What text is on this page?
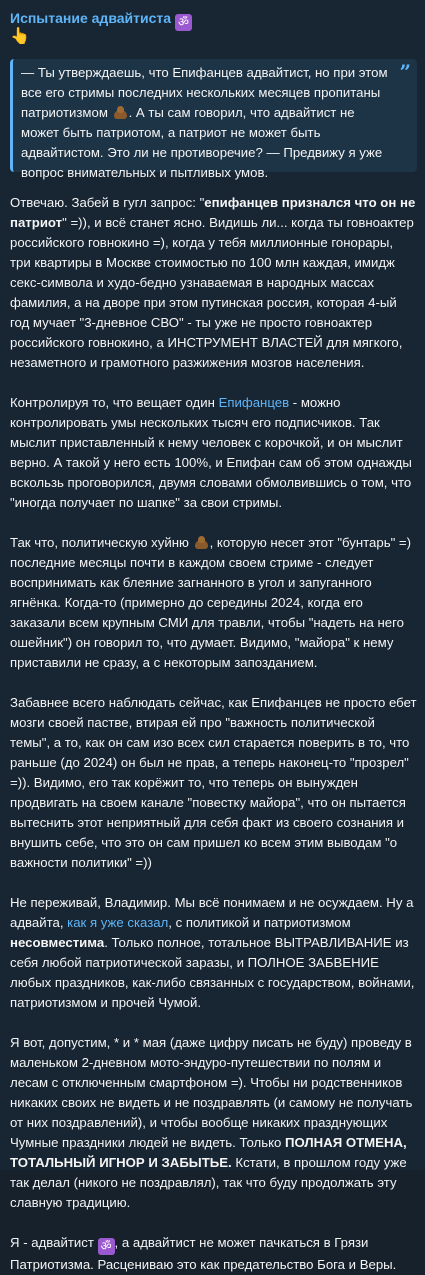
Испытание адвайтиста ॐ
👆
”
— Ты утверждаешь, что Епифанцев адвайтист, но при этом все его стримы последних нескольких месяцев пропитаны патриотизмом . А ты сам говорил, что адвайтист не может быть патриотом, а патриот не может быть адвайтистом. Это ли не противоречие? — Предвижу я уже вопрос внимательных и пытливых умов.

Отвечаю. Забей в гугл запрос: "епифанцев признался что он не патриот" =)), и всё станет ясно. Видишь ли... когда ты говноактер российского говнокино =), когда у тебя миллионные гонорары, три квартиры в Москве стоимостью по 100 млн каждая, имидж секс-символа и худо-бедно узнаваемая в народных массах фамилия, а на дворе при этом путинская россия, которая 4-ый год мучает "3-дневное СВО" - ты уже не просто говноактер российского говнокино, а ИНСТРУМЕНТ ВЛАСТЕЙ для мягкого, незаметного и грамотного разжижения мозгов населения.

Контролируя то, что вещает один Епифанцев - можно контролировать умы нескольких тысяч его подписчиков. Так мыслит приставленный к нему человек с корочкой, и он мыслит верно. А такой у него есть 100%, и Епифан сам об этом однажды вскользь проговорился, двумя словами обмолвившись о том, что "иногда получает по шапке" за свои стримы.

Так что, политическую хуйню , которую несет этот "бунтарь" =) последние месяцы почти в каждом своем стриме - следует воспринимать как блеяние загнанного в угол и запуганного ягнёнка. Когда-то (примерно до середины 2024, когда его заказали всем крупным СМИ для травли, чтобы "надеть на него ошейник") он говорил то, что думает. Видимо, "майора" к нему приставили не сразу, а с некоторым запозданием.

Забавнее всего наблюдать сейчас, как Епифанцев не просто ебет мозги своей пастве, втирая ей про "важность политической темы", а то, как он сам изо всех сил старается поверить в то, что раньше (до 2024) он был не прав, а теперь наконец-то "прозрел" =)). Видимо, его так корёжит то, что теперь он вынужден продвигать на своем канале "повестку майора", что он пытается вытеснить этот неприятный для себя факт из своего сознания и внушить себе, что это он сам пришел ко всем этим выводам "о важности политики" =))

Не переживай, Владимир. Мы всё понимаем и не осуждаем. Ну а адвайта, как я уже сказал, с политикой и патриотизмом несовместима. Только полное, тотальное ВЫТРАВЛИВАНИЕ из себя любой патриотической заразы, и ПОЛНОЕ ЗАБВЕНИЕ любых праздников, как-либо связанных с государством, войнами, патриотизмом и прочей Чумой.

Я вот, допустим, * и * мая (даже цифру писать не буду) проведу в маленьком 2-дневном мото-эндуро-путешествии по полям и лесам с отключенным смартфоном =). Чтобы ни родственников никаких своих не видеть и не поздравлять (и самому не получать от них поздравлений), и чтобы вообще никаких празднующих Чумные праздники людей не видеть. Только ПОЛНАЯ ОТМЕНА, ТОТАЛЬНЫЙ ИГНОР И ЗАБЫТЬЕ. Кстати, в прошлом году уже так делал (никого не поздравлял), так что буду продолжать эту славную традицию.

Я - адвайтист ॐ , а адвайтист не может пачкаться в Грязи Патриотизма. Расцениваю это как предательство Бога и Веры.
